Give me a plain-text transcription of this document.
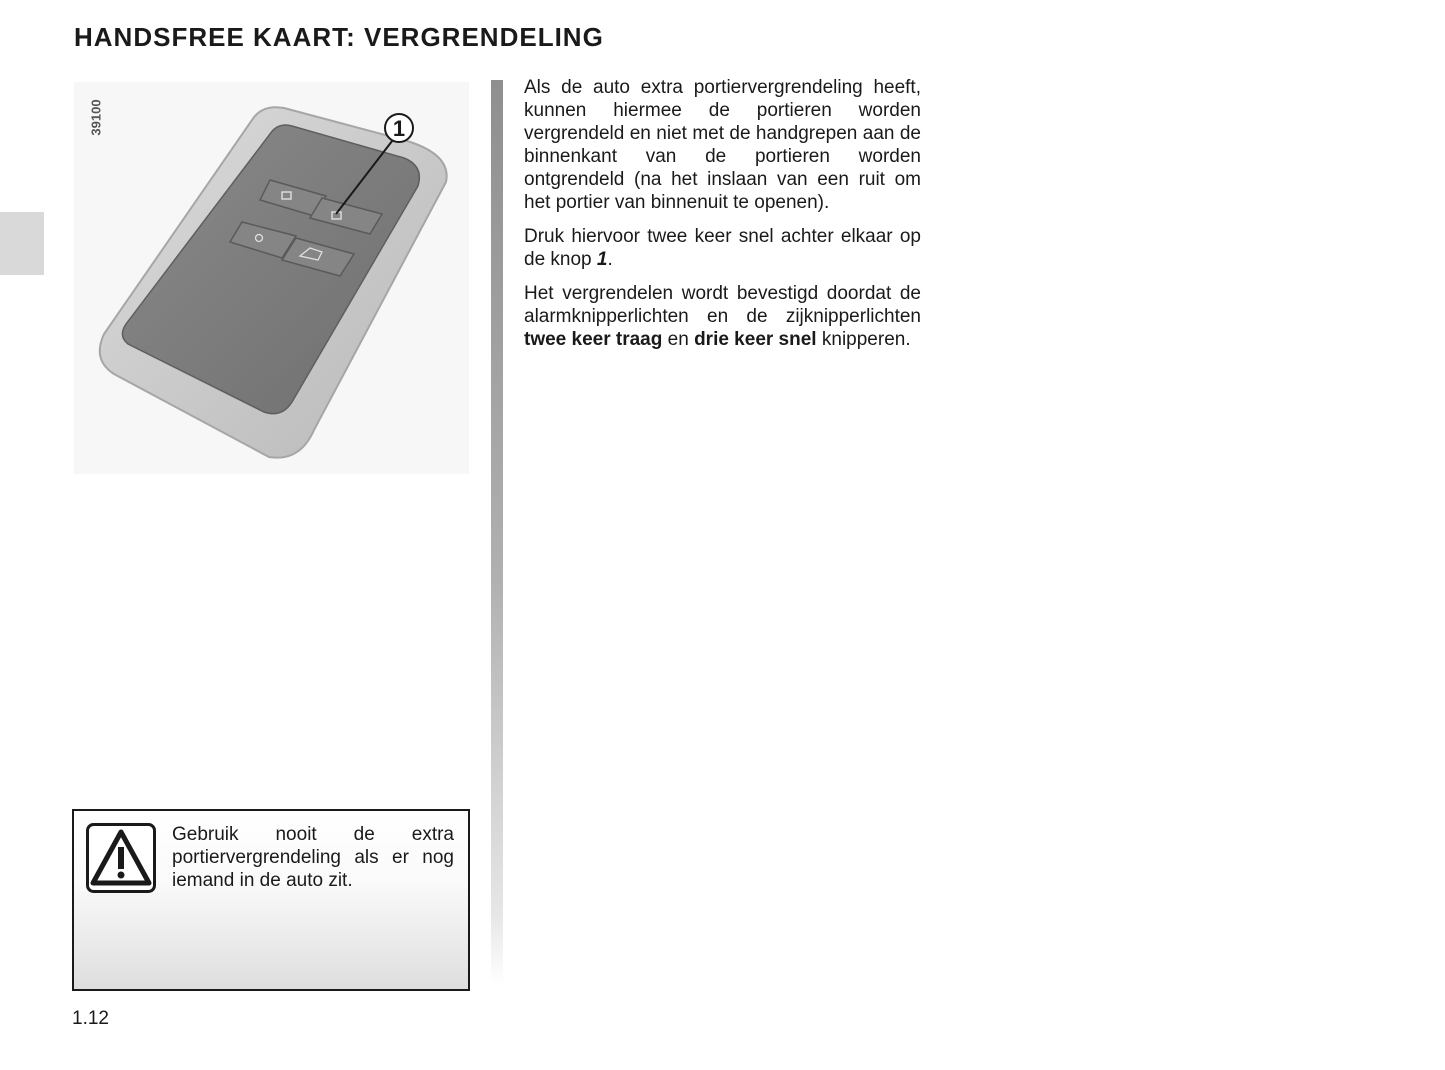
HANDSFREE KAART: VERGRENDELING
1
39100

Als de auto extra portiervergrendeling heeft, kunnen hiermee de portieren worden vergrendeld en niet met de handgrepen aan de binnenkant van de portieren worden ontgrendeld (na het inslaan van een ruit om het portier van binnenuit te openen).

Druk hiervoor twee keer snel achter elkaar op de knop 1.

Het vergrendelen wordt bevestigd doordat de alarmknipperlichten en de zijknipperlichten twee keer traag en drie keer snel knipperen.

Gebruik nooit de extra portiervergrendeling als er nog iemand in de auto zit.
1.12
